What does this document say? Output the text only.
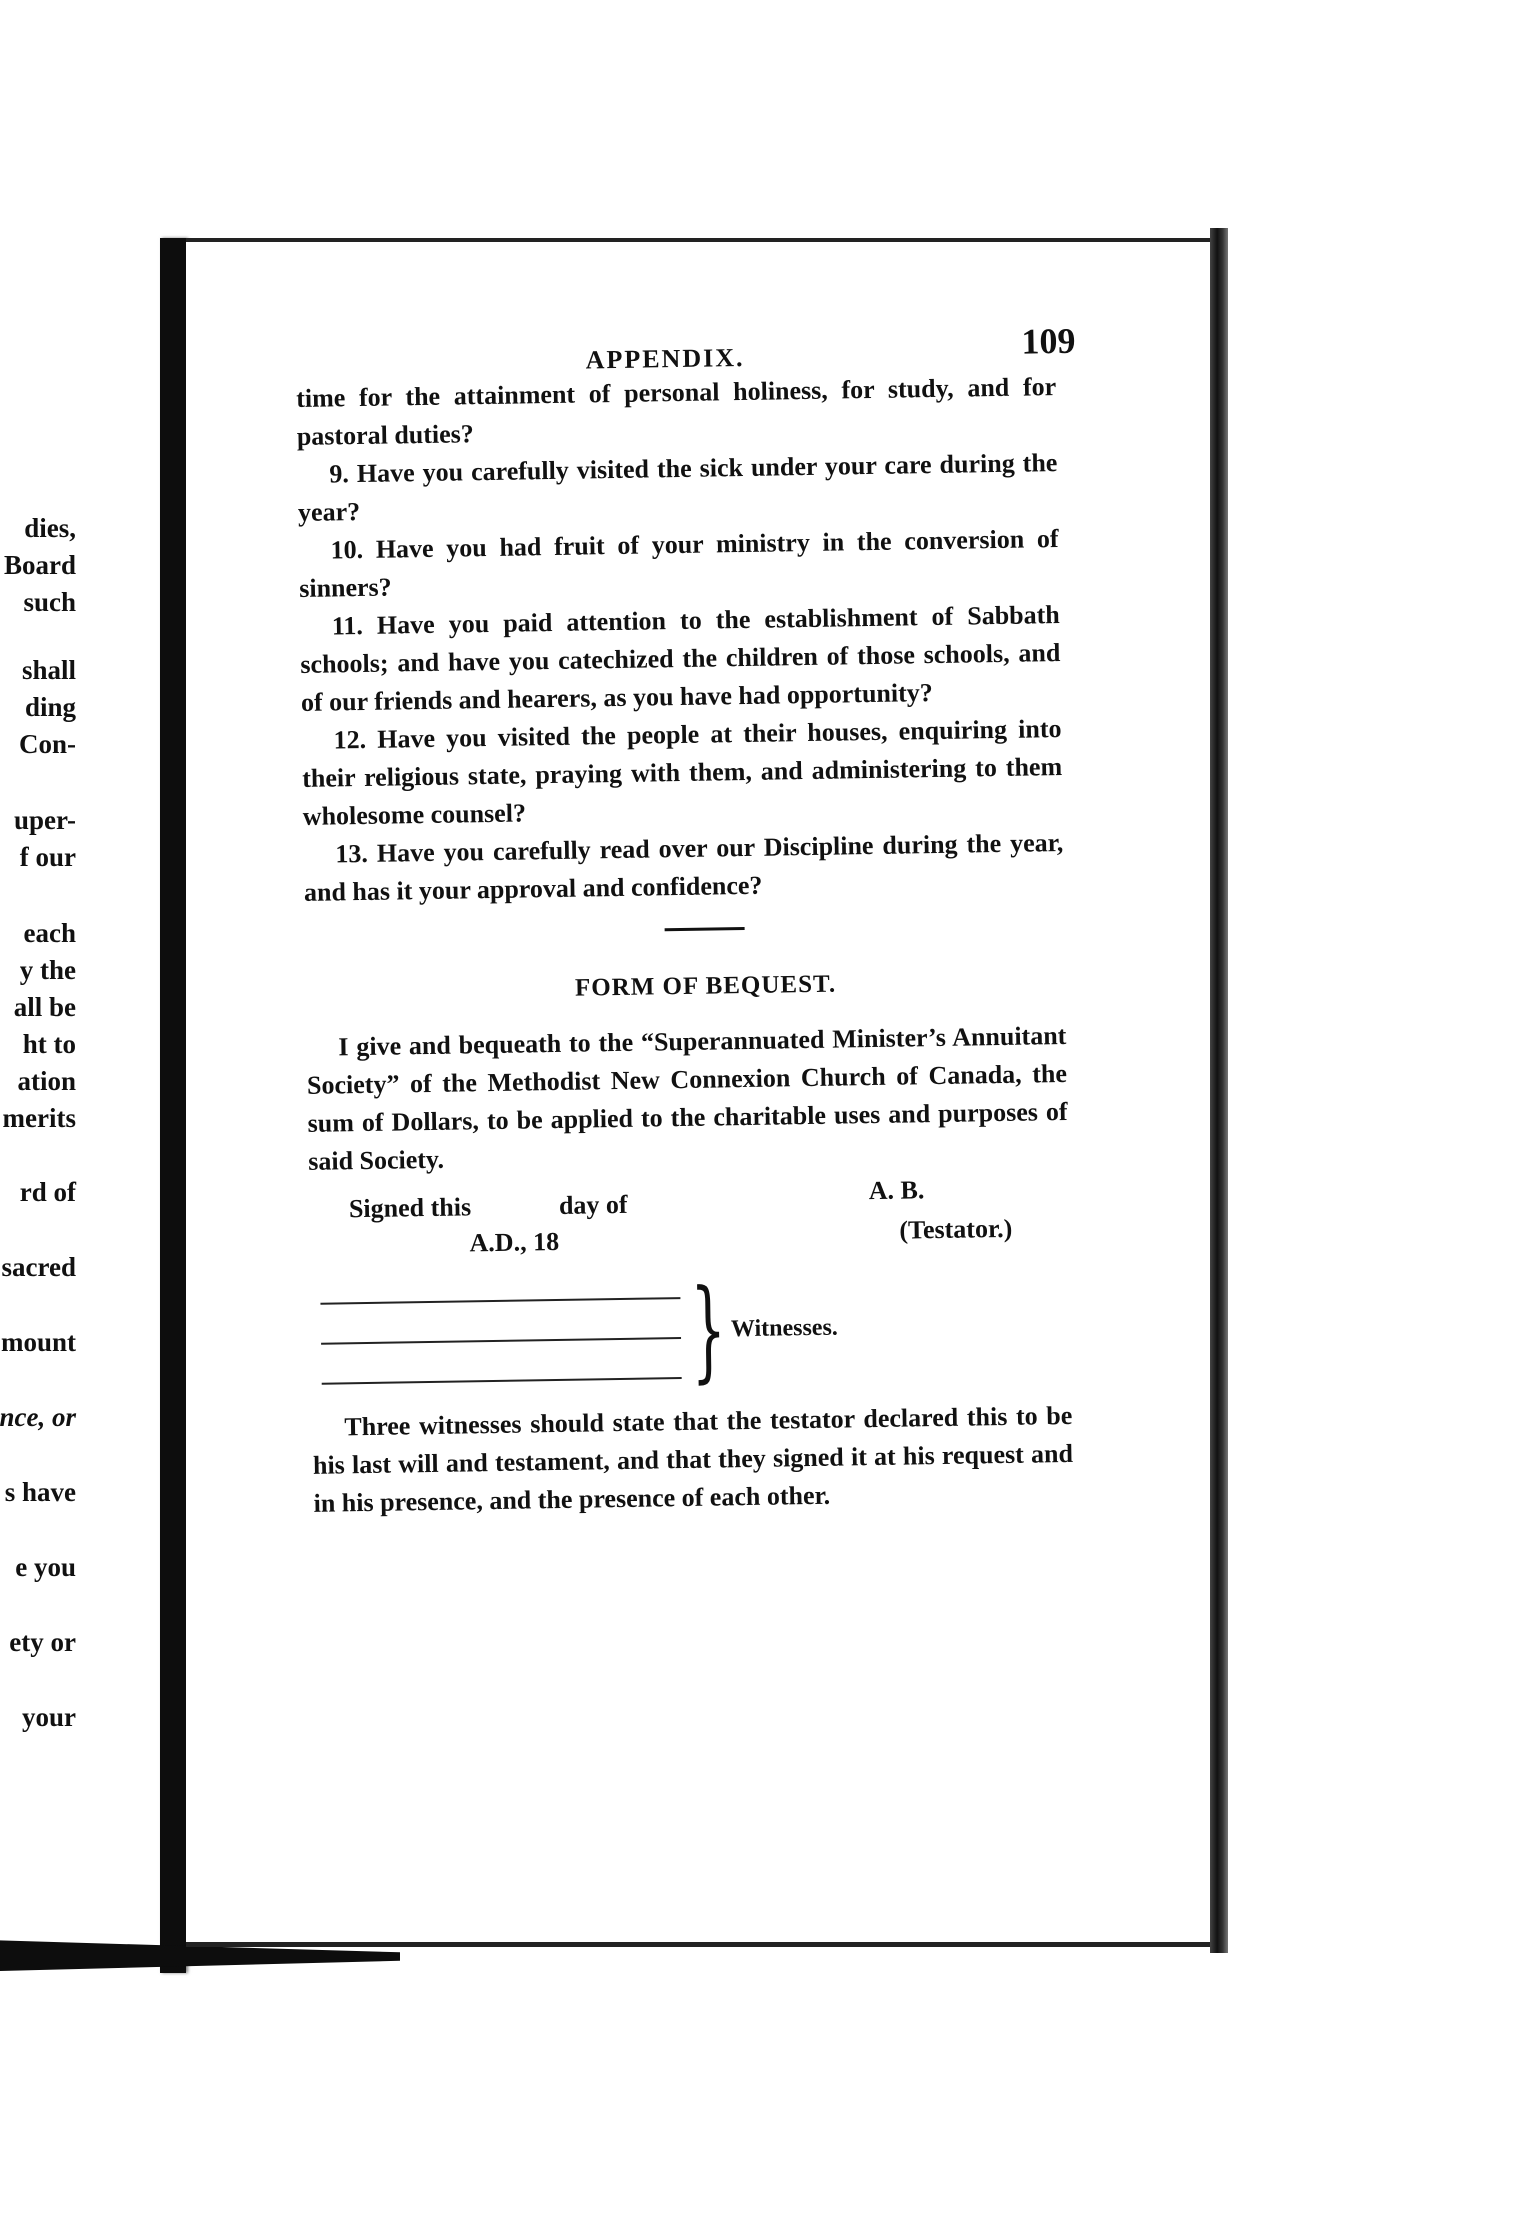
dies,
Board
such
shall
ding
Con-
uper-
f our
each
y the
all be
ht to
ation
merits
rd of
sacred
mount
nce, or
s have
e you
ety or
your
APPENDIX.	109

time for the attainment of personal holiness, for study, and for pastoral duties?

9. Have you carefully visited the sick under your care during the year?

10. Have you had fruit of your ministry in the conversion of sinners?

11. Have you paid attention to the establishment of Sabbath schools; and have you catechized the children of those schools, and of our friends and hearers, as you have had opportunity?

12. Have you visited the people at their houses, enquiring into their religious state, praying with them, and administering to them wholesome counsel?

13. Have you carefully read over our Discipline during the year, and has it your approval and confidence?

FORM OF BEQUEST.

I give and bequeath to the “Superannuated Minister’s Annuitant Society” of the Methodist New Connexion Church of Canada, the sum of Dollars, to be applied to the charitable uses and purposes of said Society.

Signed this	day of	A. B.
A.D., 18	(Testator.)
} Witnesses.

Three witnesses should state that the testator declared this to be his last will and testament, and that they signed it at his request and in his presence, and the presence of each other.
